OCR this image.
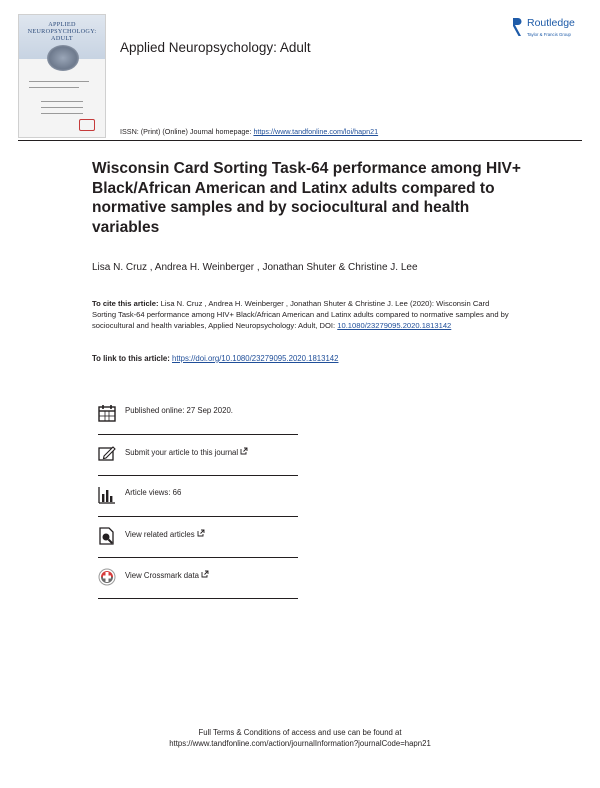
APPLIED
NEUROPSYCHOLOGY:
ADULT
Applied Neuropsychology: Adult
Routledge
Taylor & Francis Group
ISSN: (Print) (Online) Journal homepage: https://www.tandfonline.com/loi/hapn21
Wisconsin Card Sorting Task-64 performance among HIV+ Black/African American and Latinx adults compared to normative samples and by sociocultural and health variables
Lisa N. Cruz , Andrea H. Weinberger , Jonathan Shuter & Christine J. Lee
To cite this article: Lisa N. Cruz , Andrea H. Weinberger , Jonathan Shuter & Christine J. Lee (2020): Wisconsin Card Sorting Task-64 performance among HIV+ Black/African American and Latinx adults compared to normative samples and by sociocultural and health variables, Applied Neuropsychology: Adult, DOI: 10.1080/23279095.2020.1813142
To link to this article: https://doi.org/10.1080/23279095.2020.1813142
Published online: 27 Sep 2020.
Submit your article to this journal
Article views: 66
View related articles
View Crossmark data
Full Terms & Conditions of access and use can be found at
https://www.tandfonline.com/action/journalInformation?journalCode=hapn21
